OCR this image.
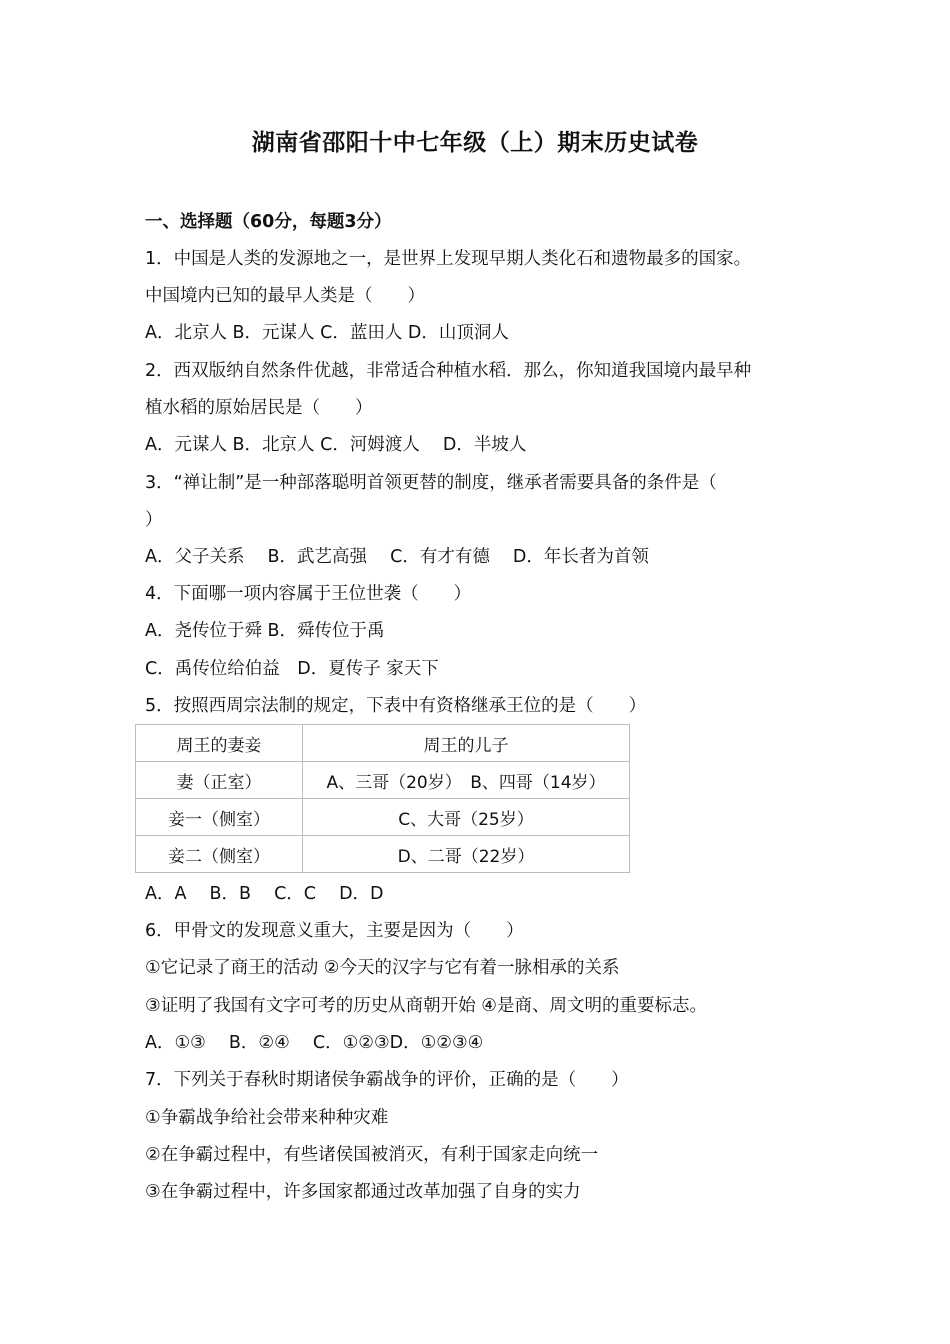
湖南省邵阳十中七年级（上）期末历史试卷
一、选择题（60分，每题3分）
1．中国是人类的发源地之一，是世界上发现早期人类化石和遗物最多的国家。
中国境内已知的最早人类是（　　）
A．北京人 B．元谋人 C．蓝田人 D．山顶洞人
2．西双版纳自然条件优越，非常适合种植水稻．那么，你知道我国境内最早种
植水稻的原始居民是（　　）
A．元谋人 B．北京人 C．河姆渡人　 D．半坡人
3．“禅让制”是一种部落聪明首领更替的制度，继承者需要具备的条件是（
）
A．父子关系　 B．武艺高强　 C．有才有德　 D．年长者为首领
4．下面哪一项内容属于王位世袭（　　）
A．尧传位于舜 B．舜传位于禹
C．禹传位给伯益　D．夏传子 家天下
5．按照西周宗法制的规定，下表中有资格继承王位的是（　　）
周王的妻妾	周王的儿子
妻（正室）	A、三哥（20岁）　B、四哥（14岁）
妾一（侧室）	C、大哥（25岁）
妾二（侧室）	D、二哥（22岁）
A．A　 B．B　 C．C　 D．D
6．甲骨文的发现意义重大，主要是因为（　　）
①它记录了商王的活动 ②今天的汉字与它有着一脉相承的关系
③证明了我国有文字可考的历史从商朝开始 ④是商、周文明的重要标志。
A．①③　 B．②④　 C．①②③D．①②③④
7．下列关于春秋时期诸侯争霸战争的评价，正确的是（　　）
①争霸战争给社会带来种种灾难
②在争霸过程中，有些诸侯国被消灭，有利于国家走向统一
③在争霸过程中，许多国家都通过改革加强了自身的实力
